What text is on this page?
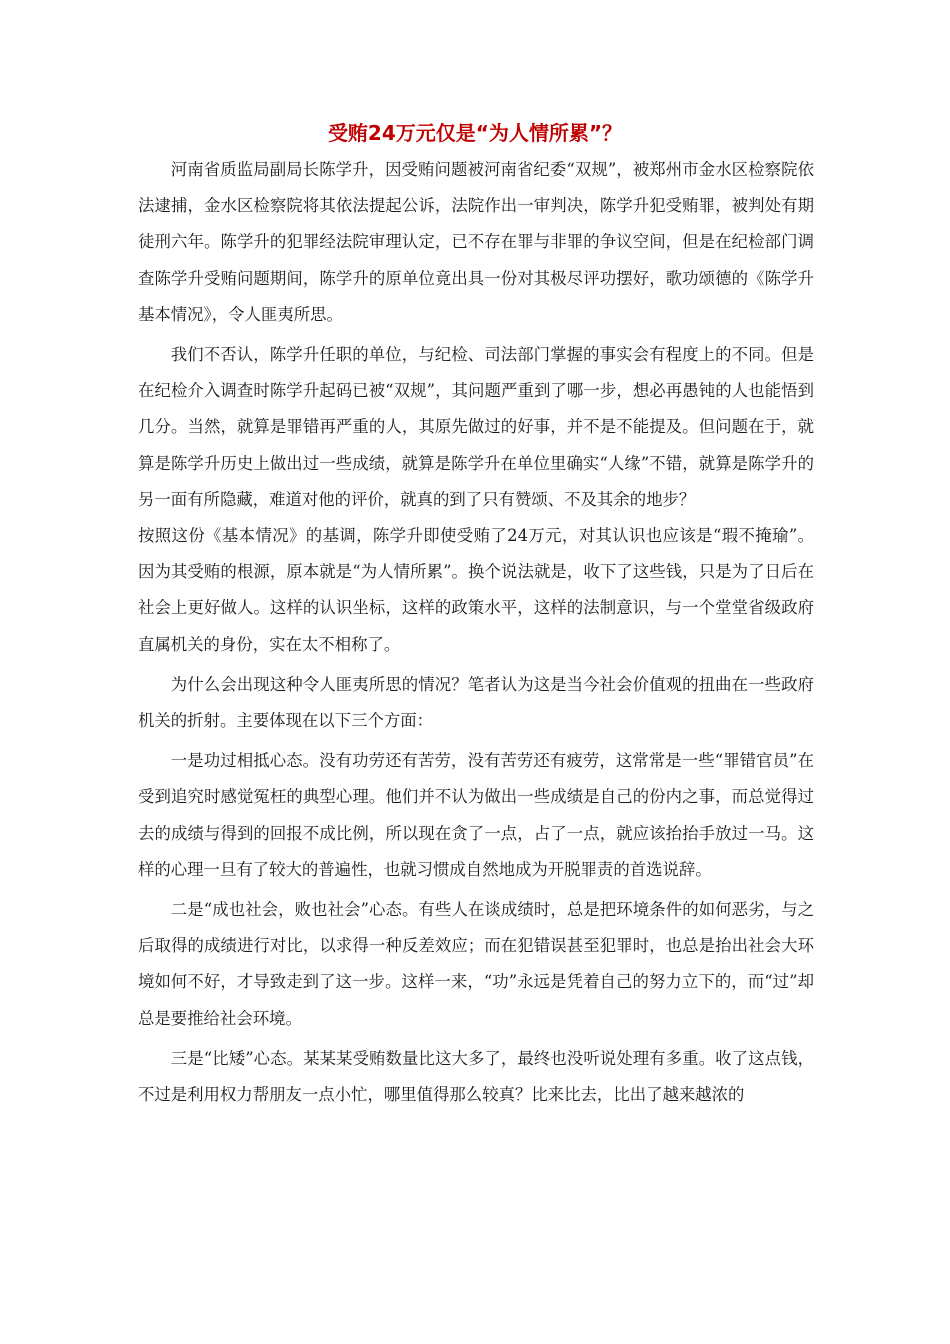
受贿24万元仅是“为人情所累”？

河南省质监局副局长陈学升，因受贿问题被河南省纪委“双规”，被郑州市金水区检察院依法逮捕，金水区检察院将其依法提起公诉，法院作出一审判决，陈学升犯受贿罪，被判处有期徒刑六年。陈学升的犯罪经法院审理认定，已不存在罪与非罪的争议空间，但是在纪检部门调查陈学升受贿问题期间，陈学升的原单位竟出具一份对其极尽评功摆好，歌功颂德的《陈学升基本情况》，令人匪夷所思。

我们不否认，陈学升任职的单位，与纪检、司法部门掌握的事实会有程度上的不同。但是在纪检介入调查时陈学升起码已被“双规”，其问题严重到了哪一步，想必再愚钝的人也能悟到几分。当然，就算是罪错再严重的人，其原先做过的好事，并不是不能提及。但问题在于，就算是陈学升历史上做出过一些成绩，就算是陈学升在单位里确实“人缘”不错，就算是陈学升的另一面有所隐藏，难道对他的评价，就真的到了只有赞颂、不及其余的地步？

按照这份《基本情况》的基调，陈学升即使受贿了24万元，对其认识也应该是“瑕不掩瑜”。因为其受贿的根源，原本就是“为人情所累”。换个说法就是，收下了这些钱，只是为了日后在社会上更好做人。这样的认识坐标，这样的政策水平，这样的法制意识，与一个堂堂省级政府直属机关的身份，实在太不相称了。

为什么会出现这种令人匪夷所思的情况？笔者认为这是当今社会价值观的扭曲在一些政府机关的折射。主要体现在以下三个方面：

一是功过相抵心态。没有功劳还有苦劳，没有苦劳还有疲劳，这常常是一些“罪错官员”在受到追究时感觉冤枉的典型心理。他们并不认为做出一些成绩是自己的份内之事，而总觉得过去的成绩与得到的回报不成比例，所以现在贪了一点，占了一点，就应该抬抬手放过一马。这样的心理一旦有了较大的普遍性，也就习惯成自然地成为开脱罪责的首选说辞。

二是“成也社会，败也社会”心态。有些人在谈成绩时，总是把环境条件的如何恶劣，与之后取得的成绩进行对比，以求得一种反差效应；而在犯错误甚至犯罪时，也总是抬出社会大环境如何不好，才导致走到了这一步。这样一来，“功”永远是凭着自己的努力立下的，而“过”却总是要推给社会环境。

三是“比矮”心态。某某某受贿数量比这大多了，最终也没听说处理有多重。收了这点钱，不过是利用权力帮朋友一点小忙，哪里值得那么较真？比来比去，比出了越来越浓的
